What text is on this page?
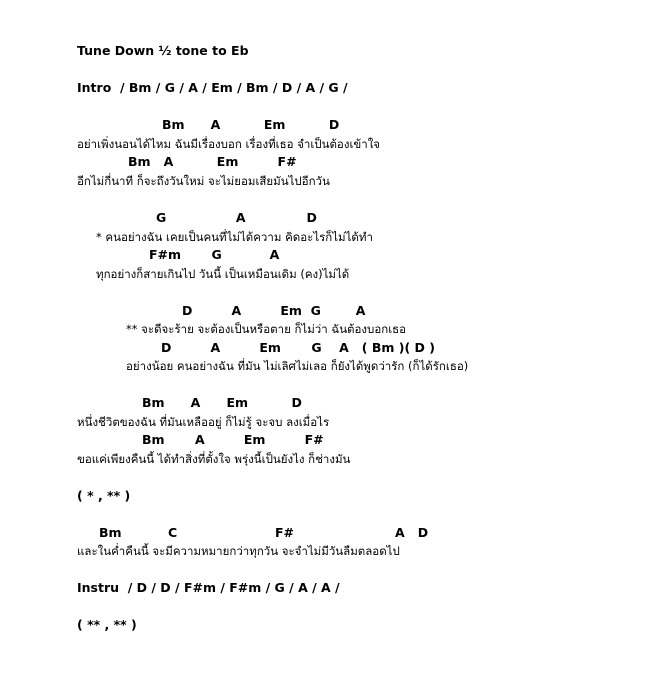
Tune Down ½ tone to Eb
Intro  / Bm / G / A / Em / Bm / D / A / G /
Bm      A          Em          D
อย่าเพิ่งนอนได้ไหม ฉันมีเรื่องบอก เรื่องที่เธอ จำเป็นต้องเข้าใจ
Bm   A          Em         F#
อีกไม่กี่นาที ก็จะถึงวันใหม่ จะไม่ยอมเสียมันไปอีกวัน
G                A              D
* คนอย่างฉัน เคยเป็นคนที่ไม่ได้ความ คิดอะไรก็ไม่ได้ทำ
F#m       G           A
ทุกอย่างก็สายเกินไป วันนี้ เป็นเหมือนเดิม (คง)ไม่ได้
D         A         Em  G        A
** จะดีจะร้าย จะต้องเป็นหรือตาย ก็ไม่ว่า ฉันต้องบอกเธอ
D         A         Em       G    A   ( Bm )( D )
อย่างน้อย คนอย่างฉัน ที่มัน ไม่เลิศไม่เลอ ก็ยังได้พูดว่ารัก (ก็ได้รักเธอ)
Bm      A      Em          D
หนึ่งชีวิตของฉัน ที่มันเหลืออยู่ ก็ไม่รู้ จะจบ ลงเมื่อไร
Bm       A         Em         F#
ขอแค่เพียงคืนนี้ ได้ทำสิ่งที่ตั้งใจ พรุ่งนี้เป็นยังไง ก็ช่างมัน
( * , ** )
Bm	C	F#	A   D
และในค่ำคืนนี้ จะมีความหมายกว่าทุกวัน จะจำไม่มีวันลืมตลอดไป
Instru  / D / D / F#m / F#m / G / A / A /
( ** , ** )
